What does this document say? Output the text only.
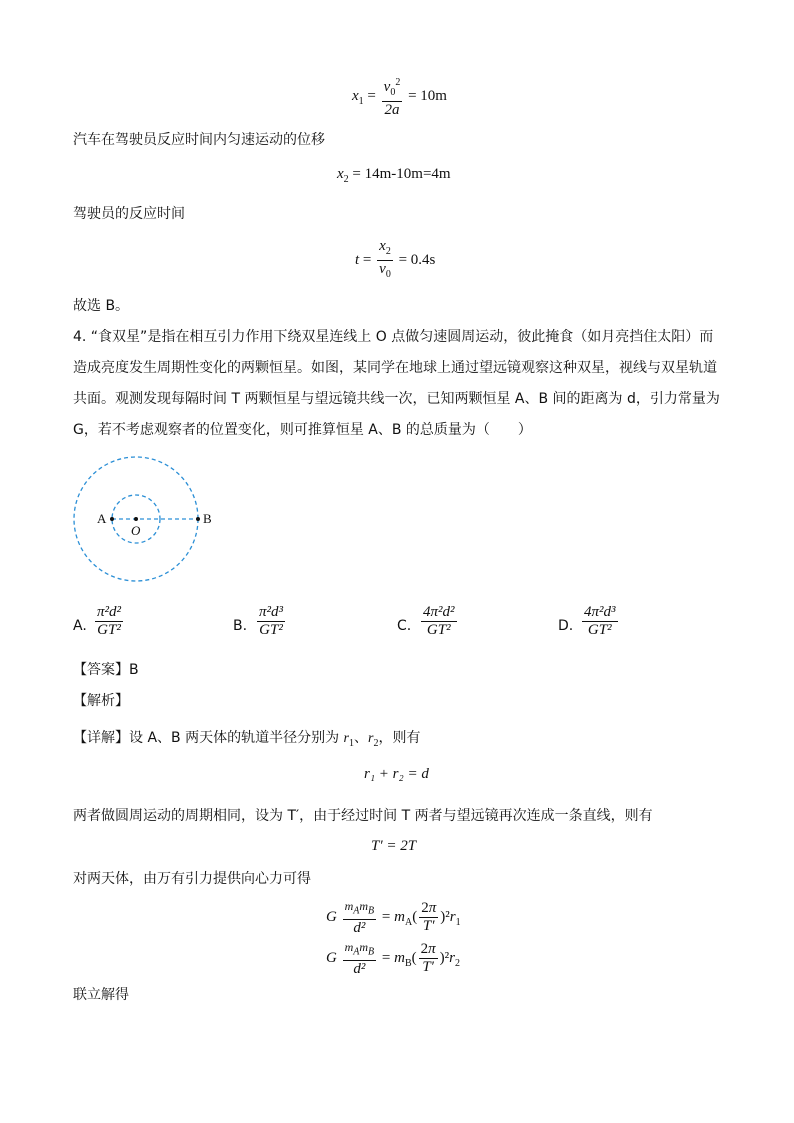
$x_1 = \frac{v_0^2}{2a} = 10m$
汽车在驾驶员反应时间内匀速运动的位移
$x_2 = 14m-10m=4m$
驾驶员的反应时间
$t = \frac{x_2}{v_0} = 0.4s$
故选 B。
4. “食双星”是指在相互引力作用下绕双星连线上 O 点做匀速圆周运动，彼此掩食（如月亮挡住太阳）而
造成亮度发生周期性变化的两颗恒星。如图，某同学在地球上通过望远镜观察这种双星，视线与双星轨道
共面。观测发现每隔时间 T 两颗恒星与望远镜共线一次，已知两颗恒星 A、B 间的距离为 d，引力常量为
G，若不考虑观察者的位置变化，则可推算恒星 A、B 的总质量为（　　）
A
O
B
A. $\frac{\text{π²d²}}{\text{GT²}}$	B. $\frac{\text{π²d³}}{\text{GT²}}$	C. $\frac{\text{4π²d²}}{\text{GT²}}$	D. $\frac{\text{4π²d³}}{\text{GT²}}$
【答案】B
【解析】
【详解】设 A、B 两天体的轨道半径分别为 $r_1$、$r_2$，则有
r₁ + r₂ = d
两者做圆周运动的周期相同，设为 T′，由于经过时间 T 两者与望远镜再次连成一条直线，则有
T′ = 2T
对两天体，由万有引力提供向心力可得
G $\frac{m_Am_B}{\text{d²}} = m_A( \frac{2\pi}{T'} )^2r_1$
G $\frac{m_Am_B}{\text{d²}} = m_B( \frac{2\pi}{T'} )^2r_2$
联立解得
